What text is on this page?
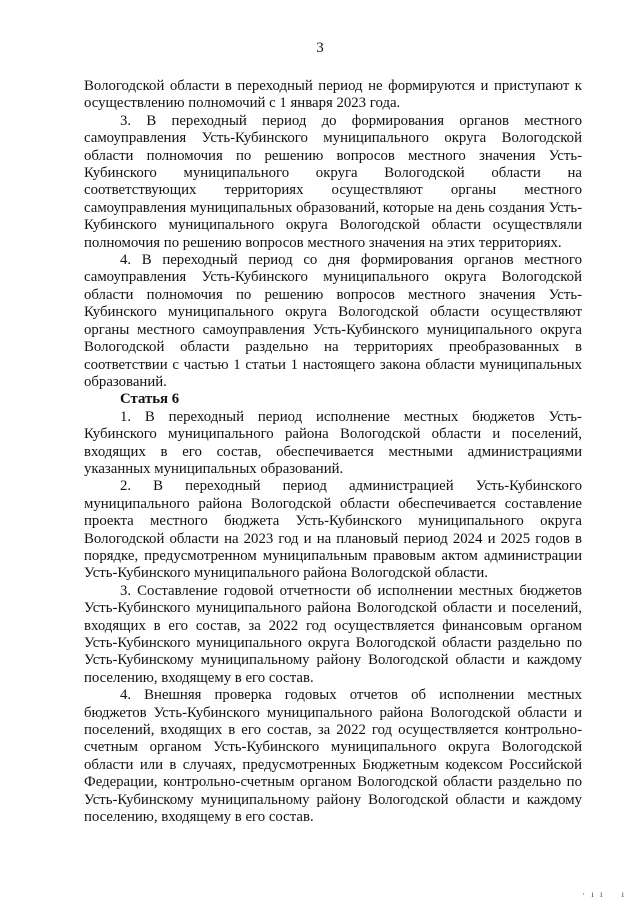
3

Вологодской области в переходный период не формируются и приступают к осуществлению полномочий с 1 января 2023 года.

3. В переходный период до формирования органов местного самоуправления Усть-Кубинского муниципального округа Вологодской области полномочия по решению вопросов местного значения Усть-Кубинского муниципального округа Вологодской области на соответствующих территориях осуществляют органы местного самоуправления муниципальных образований, которые на день создания Усть-Кубинского муниципального округа Вологодской области осуществляли полномочия по решению вопросов местного значения на этих территориях.

4. В переходный период со дня формирования органов местного самоуправления Усть-Кубинского муниципального округа Вологодской области полномочия по решению вопросов местного значения Усть-Кубинского муниципального округа Вологодской области осуществляют органы местного самоуправления Усть-Кубинского муниципального округа Вологодской области раздельно на территориях преобразованных в соответствии с частью 1 статьи 1 настоящего закона области муниципальных образований.

Статья 6

1. В переходный период исполнение местных бюджетов Усть-Кубинского муниципального района Вологодской области и поселений, входящих в его состав, обеспечивается местными администрациями указанных муниципальных образований.

2. В переходный период администрацией Усть-Кубинского муниципального района Вологодской области обеспечивается составление проекта местного бюджета Усть-Кубинского муниципального округа Вологодской области на 2023 год и на плановый период 2024 и 2025 годов в порядке, предусмотренном муниципальным правовым актом администрации Усть-Кубинского муниципального района Вологодской области.

3. Составление годовой отчетности об исполнении местных бюджетов Усть-Кубинского муниципального района Вологодской области и поселений, входящих в его состав, за 2022 год осуществляется финансовым органом Усть-Кубинского муниципального округа Вологодской области раздельно по Усть-Кубинскому муниципальному району Вологодской области и каждому поселению, входящему в его состав.

4. Внешняя проверка годовых отчетов об исполнении местных бюджетов Усть-Кубинского муниципального района Вологодской области и поселений, входящих в его состав, за 2022 год осуществляется контрольно-счетным органом Усть-Кубинского муниципального округа Вологодской области или в случаях, предусмотренных Бюджетным кодексом Российской Федерации, контрольно-счетным органом Вологодской области раздельно по Усть-Кубинскому муниципальному району Вологодской области и каждому поселению, входящему в его состав.

· ı ı    ı
